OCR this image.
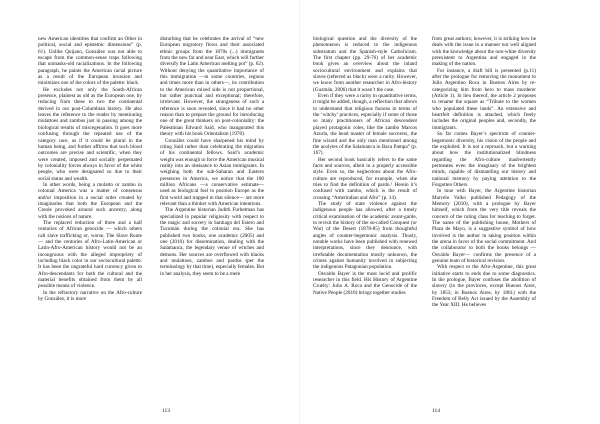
new American identities that confirm an Other in political, social and epistemic dimensions” (p. 61). Unlike Quijano, González was not able to escape from the common-sense traps following that unmasks-old racializations. In the following paragraph, he paints the American racial picture as a result of the European invasion and minimizes one of the colors of the palette: black.

He excludes not only the South-African presence, plainest as old as the European one, by reducing from these to two the continental derived in our post-Columbian history. He also leaves the reference to the reader by mentioning mulattoes and zambos just in passing among the biological results of miscegenation. It goes more confusing through the repeated use of the category race, as if it could be plural in the human being, and further affirms that such blood outcomes are precise and scientific, when they were created, imposed and socially perpetuated by coloniality forces always in favor of the white people, who were designated so due to their social status and wealth.

In other words, being a mulatto or zambo in colonial America was a matter of consensus and/or imposition in a social order created by imaginaries that both the European and the Creole provoked around such ancestry, along with the notions of nature.

The replaced reduction of three and a half centuries of African genocide — which others call slave trafficking or, worse, The Slave Route— and the centuries of Afro-Latin-American or Latin-Afro-American history would not be an incongruous with the alleged impropriety of including black color in our sociocultural palette. It has been the ungrateful hard currency given to Afro-descendants for both the cultural and the material benefits obtained from them by all possible means of violence.

In the refractory narrative on the Afro-culture by González, it is more

disturbing that he celebrates the arrival of “new European migratory flows and their associated ethnic groups from the 1870s (...) immigrants from the new far and near East, which will further diversify the Latin American melting pot” (p. 62). Without denying the quantitative importance of this immigration —in some countries, regions and times more than in others—, its contribution to the American mixed side is not proportional, but rather punctual and exceptional; therefore, irrelevant. However, the strangeness of such a reference is soon revealed, since it had no other reason than to prepare the ground for introducing one of the great thinkers on post-coloniality: the Palestinian Edward Said, who inaugurated this theory with his book Orientalism (1978).

González could have sharpened his mind by citing Said rather than celebrating the migration of his continental fellows. Said’s academic weight was enough to force the American musical reality into an obeisance to Asian immigrants. In weighing both the sub-Saharan and Eastern presences in America, we notice that the 100 million Africans —a conservative estimate— used as biological fuel to position Europe as the first world and trapped in that silence— are more relevant than a thinker with American intentions.

The Argentine historian Judith Furbetman has specialized in popular religiosity with respect to the magic and sorcery in Santiago del Estero and Tucumán during the colonial era. She has published two books, one academic (2005) and one (2010) for dissemination, dealing with the Salamanca, the legendary venue of witches and demons. Her sources are overflowed with blacks and mulattoes, zambos and pardos (per the terminology by that time), especially females. But in her analysis, they seem to be a mere

biological question and the diversity of the phenomenon is reduced to the indigenous substratum and the Spanish-style Catholicism. The first chapter (pp. 29-76) of her academic book gives an overview about the inland sociocultural environment and explains that slaves (referred as black) were a rarity. However, we know from another researcher in Afro-history (Guzmán, 2006) that it wasn’t the case.

Even if they were a rarity in quantitative terms, it might be added, though, a reflection that allows to understand that religious fusions in terms of the ‘witchy’ practices, especially if some of those so many practitioners of African descendent played protagonic roles, like the zambo Marcos Azurla, the head master of female sorcerers, the fine wizard and the only man mentioned among the acolytes of the Salamanca in Baca Pampa” (p. 167).

Her second book basically refers to the same facts and sources, albeit in a properly accessible style. Even so, the neglections about the Afro-culture are reproduced, for example, when she tries to find the definition of pardo.¹ Herein it’s confused with zambo, which is the result of crossing “Amerindian and Afro” (p. 14).

The study of state violence against the indigenous people has allowed, after a timely critical examination of the academic avant-garde, to revisit the history of the so-called Conquest (or War) of the Desert (1878-85) from thoughtful angles of counter-hegemonic analysis. Thusly, notable works have been published with renewed interpretations, since they denounce, with irrefutable documentation mostly unknown, the crimes against humanity involved in subjecting the indigenous Patagonian population.

Osvaldo Bayer is the most lucid and prolific researcher in this field. His History of Argentine Cruelty: Julio A. Roca and the Genocide of the Native People (2010) brings together studies

from great authors; however, it is striking how he deals with the issue in a manner not well aligned with the knowledge about the non-white diversity preexistent to Argentina and engaged in the making of the nation.

For instance, a draft bill is presented (p.11) after the prologue for removing the monument to Julio Argentino Roca in Buenos Aires by re-categorizing him from hero to mass murderer (Article 1). In lieu thereof, the article 2 proposes to rename the square as “Tribute to the women who populated these lands”. An extensive and heartfelt definition is attached, which freely includes the original peoples and, secondly, the immigrants.

So far comes Bayer’s spectrum of counter-hegemonic diversity, his vision of the people and the exploited. It is not a reproach, but a warning about how the institutionalized blindness regarding the Afro-culture inadvertently permeates even the imaginary of the brightest minds, capable of dismantling our history and national memory by paying attention to the Forgotten Others.

In tune with Bayer, the Argentine historian Marcelo Valko published Pedagogy of the Memory (2010), with a prologue by Bayer himself, which from the very title reveals the concern of the ruling class for teaching to forget. The name of the publishing house, Mothers of Plaza de Mayo, is a suggestive symbol of how involved is the author in taking position within the arena in favor of the social commitment. And the collaborator to both the books belongs —Osvaldo Bayer— confirms the presence of a genuine team of historical revision.

With respect to the Afro-Argentine, this great initiative starts to ends due to some diagnostics. In the prologue, Bayer confuses the abolition of slavery (in the provinces, except Buenos Aires, by 1853; in Buenos Aires, by 1861) with the Freedom of Belly Act issued by the Assembly of the Year XIII. He believes

113	114
